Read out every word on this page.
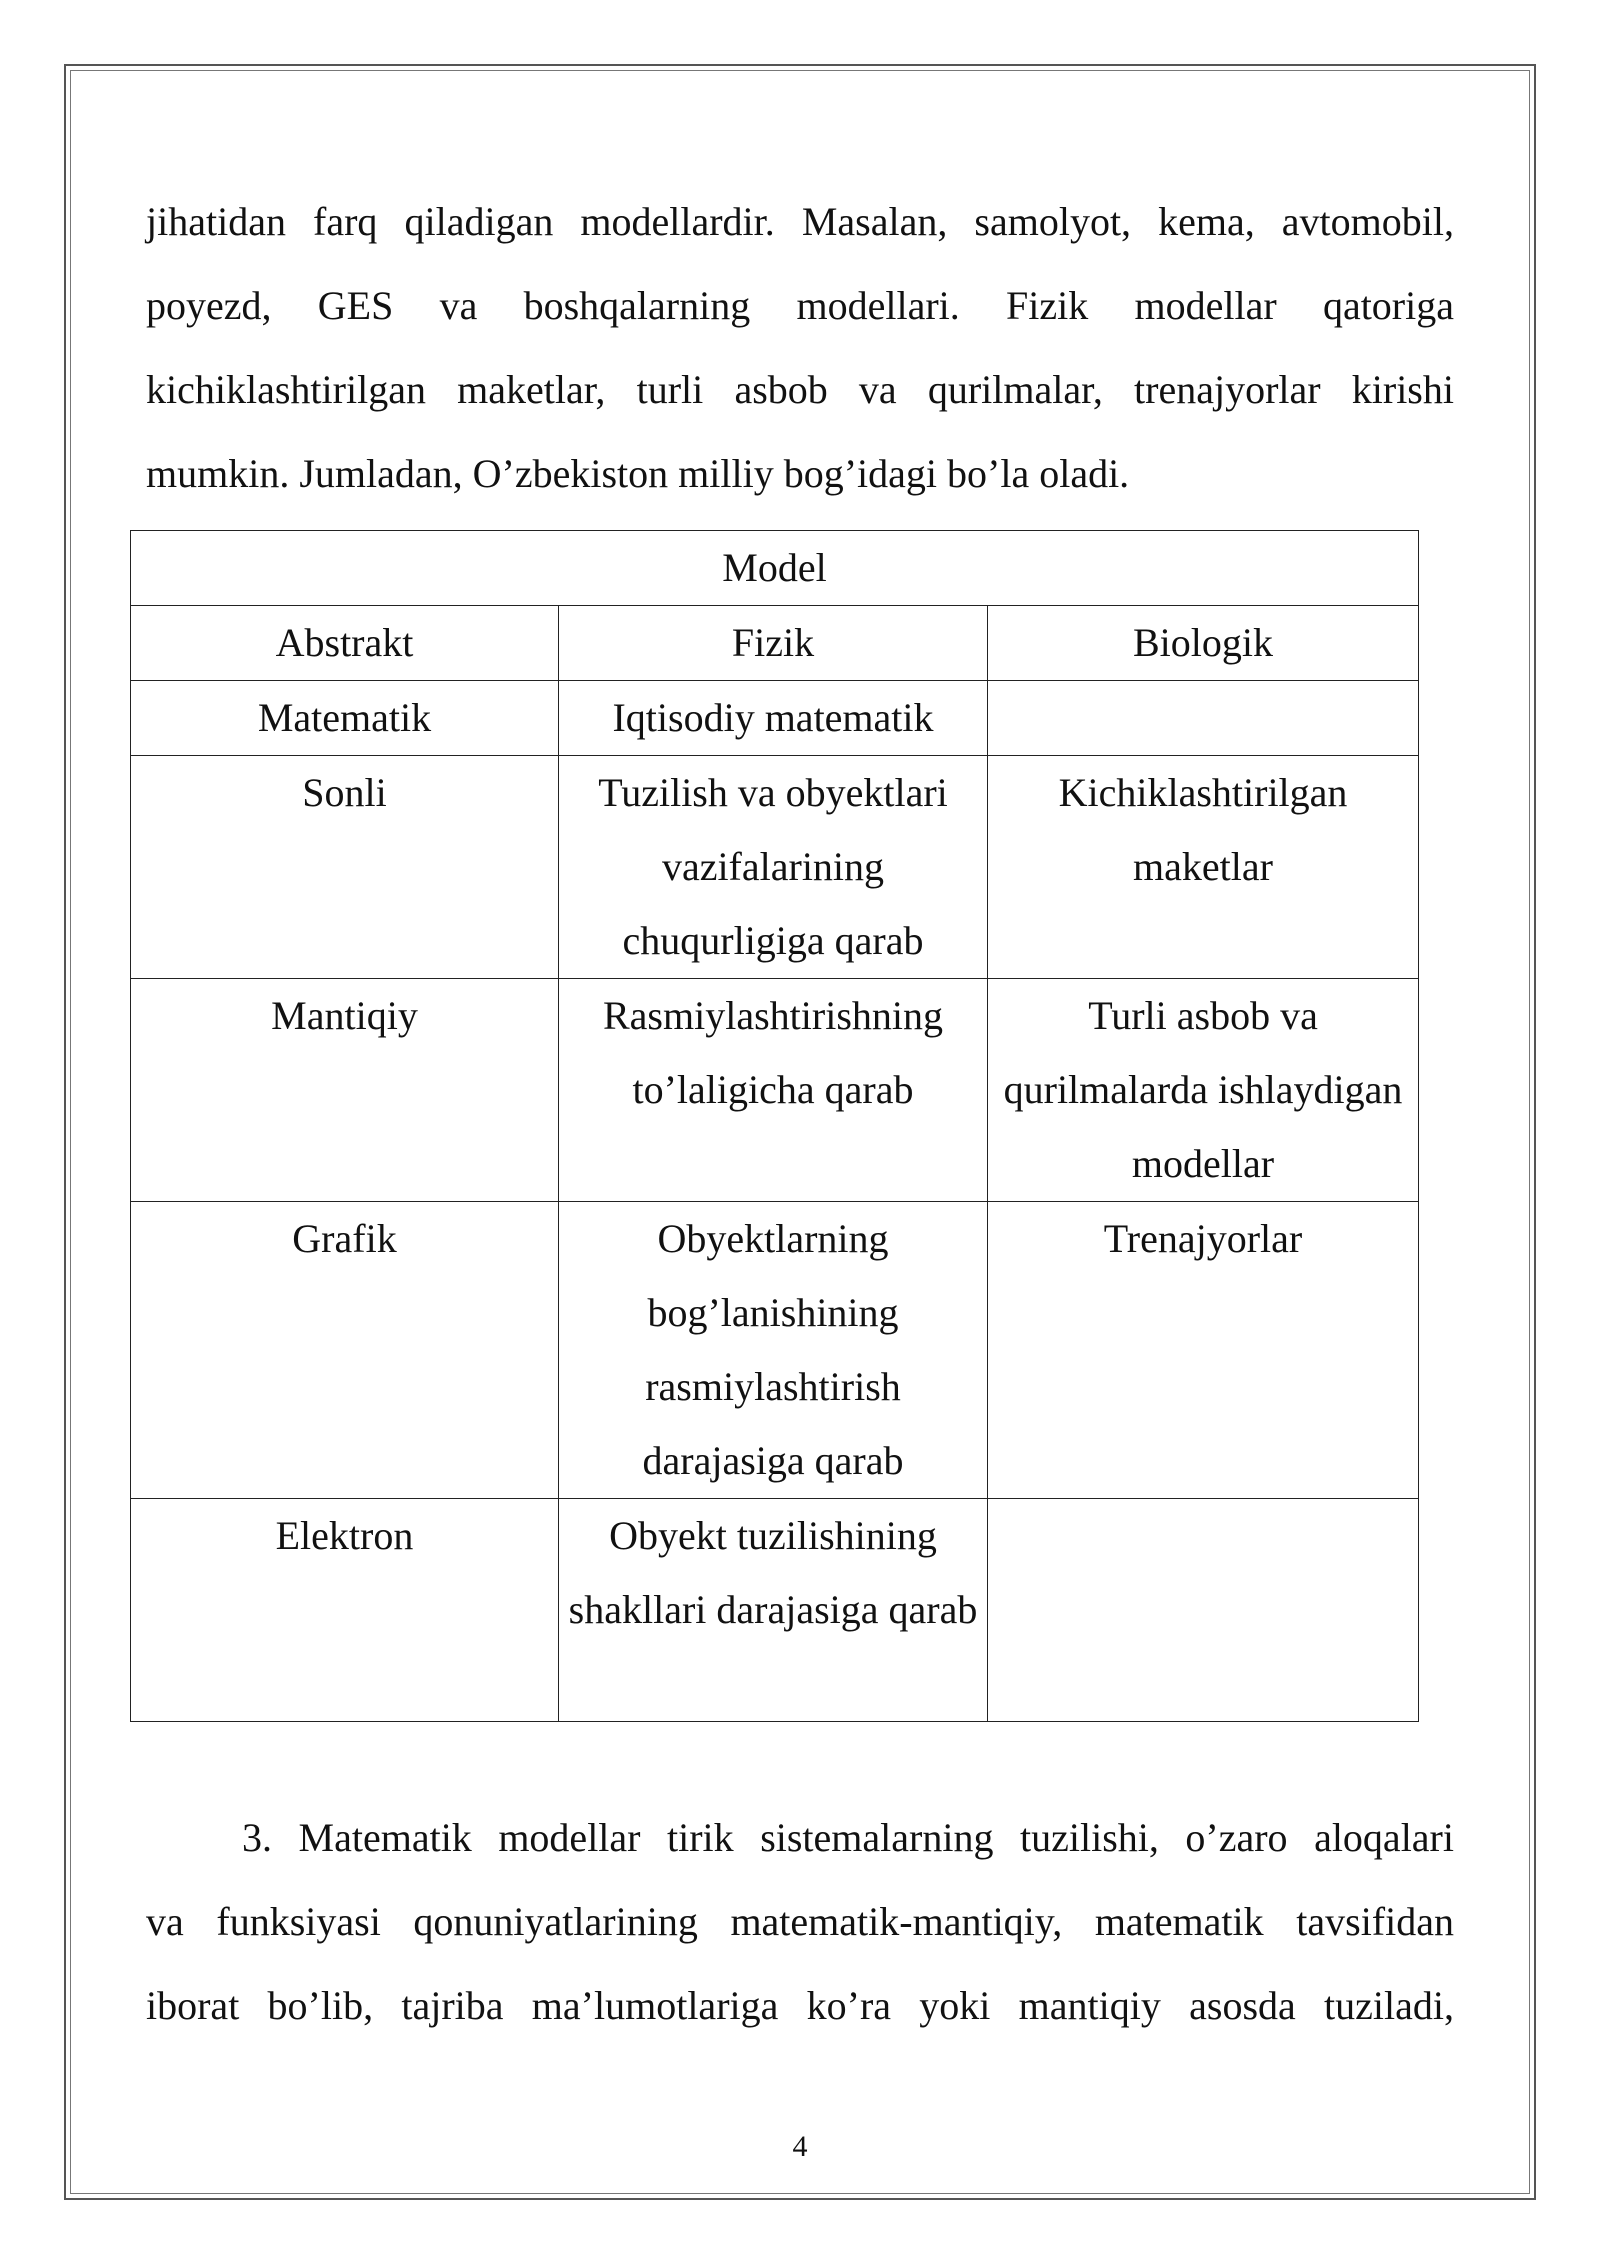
jihatidan farq qiladigan modellardir. Masalan, samolyot, kema, avtomobil,
poyezd, GES va boshqalarning modellari. Fizik modellar qatoriga
kichiklashtirilgan maketlar, turli asbob va qurilmalar, trenajyorlar kirishi
mumkin. Jumladan, O’zbekiston milliy bog’idagi bo’la oladi.

Model		
Abstrakt	Fizik	Biologik
Matematik	Iqtisodiy matematik	
Sonli	Tuzilish va obyektlari vazifalarining chuqurligiga qarab	Kichiklashtirilgan maketlar
Mantiqiy	Rasmiylashtirishning to’laligicha qarab	Turli asbob va qurilmalarda ishlaydigan modellar
Grafik	Obyektlarning bog’lanishining rasmiylashtirish darajasiga qarab	Trenajyorlar
Elektron	Obyekt tuzilishining shakllari darajasiga qarab	

3. Matematik modellar tirik sistemalarning tuzilishi, o’zaro aloqalari
va funksiyasi qonuniyatlarining matematik-mantiqiy, matematik tavsifidan
iborat bo’lib, tajriba ma’lumotlariga ko’ra yoki mantiqiy asosda tuziladi,

4
